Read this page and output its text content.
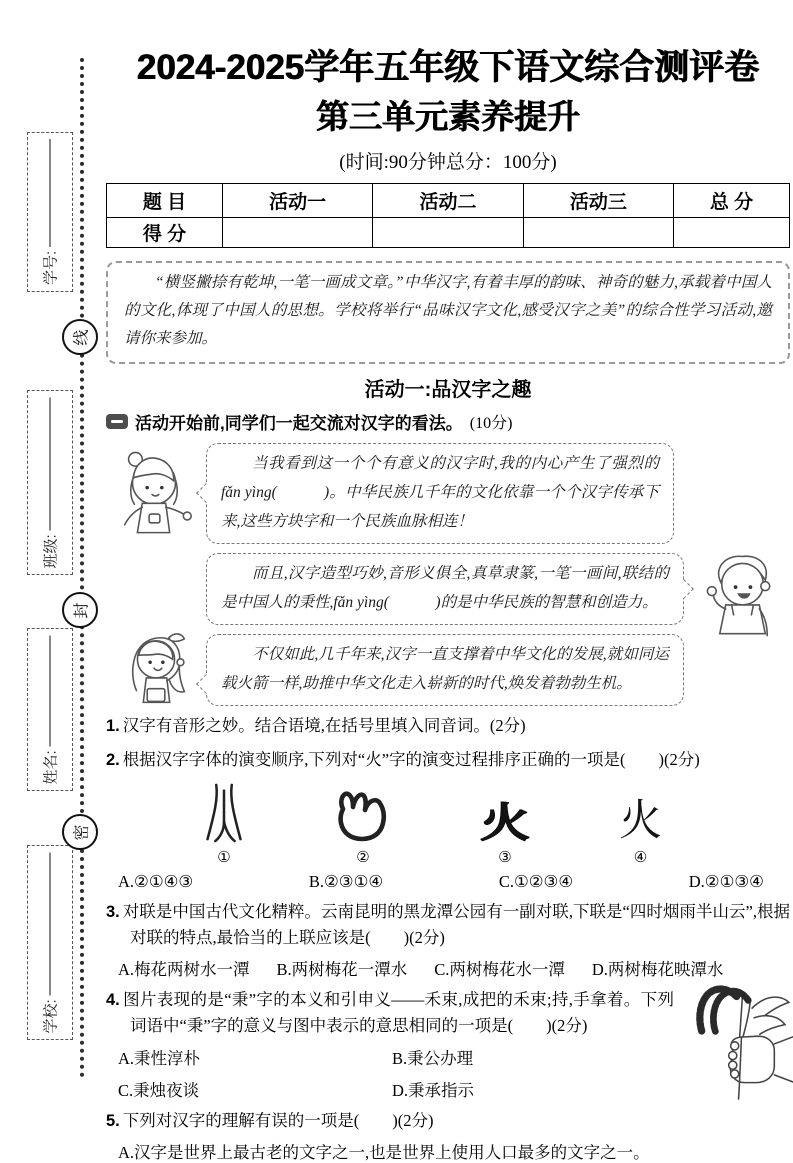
学号:
线
班级:
封
姓名:
密
学校:
2024-2025学年五年级下语文综合测评卷
第三单元素养提升
(时间:90分钟总分：100分)
题 目	活动一	活动二	活动三	总 分
得 分				

“横竖撇捺有乾坤,一笔一画成文章。”中华汉字,有着丰厚的韵味、神奇的魅力,承载着中国人的文化,体现了中国人的思想。学校将举行“品味汉字文化,感受汉字之美”的综合性学习活动,邀请你来参加。

活动一:品汉字之趣
活动开始前,同学们一起交流对汉字的看法。 (10分)

当我看到这一个个有意义的汉字时,我的内心产生了强烈的fǎn yìng(　　　)。中华民族几千年的文化依靠一个个汉字传承下来,这些方块字和一个民族血脉相连！

而且,汉字造型巧妙,音形义俱全,真草隶篆,一笔一画间,联结的是中国人的秉性,fǎn yìng(　　　)的是中华民族的智慧和创造力。

不仅如此,几千年来,汉字一直支撑着中华文化的发展,就如同运载火箭一样,助推中华文化走入崭新的时代,焕发着勃勃生机。

1. 汉字有音形之妙。结合语境,在括号里填入同音词。(2分)
2. 根据汉字字体的演变顺序,下列对“火”字的演变过程排序正确的一项是(　　)(2分)
①	②
火
③
火
④
A.②①④③	B.②③①④	C.①②③④	D.②①③④
3. 对联是中国古代文化精粹。云南昆明的黑龙潭公园有一副对联,下联是“四时烟雨半山云”,根据对联的特点,最恰当的上联应该是(　　)(2分)
A.梅花两树水一潭 B.两树梅花一潭水 C.两树梅花水一潭 D.两树梅花映潭水
4. 图片表现的是“秉”字的本义和引申义——禾束,成把的禾束;持,手拿着。下列词语中“秉”字的意义与图中表示的意思相同的一项是(　　)(2分)
A.秉性淳朴	B.秉公办理
C.秉烛夜谈	D.秉承指示
5. 下列对汉字的理解有误的一项是(　　)(2分)
A.汉字是世界上最古老的文字之一,也是世界上使用人口最多的文字之一。
